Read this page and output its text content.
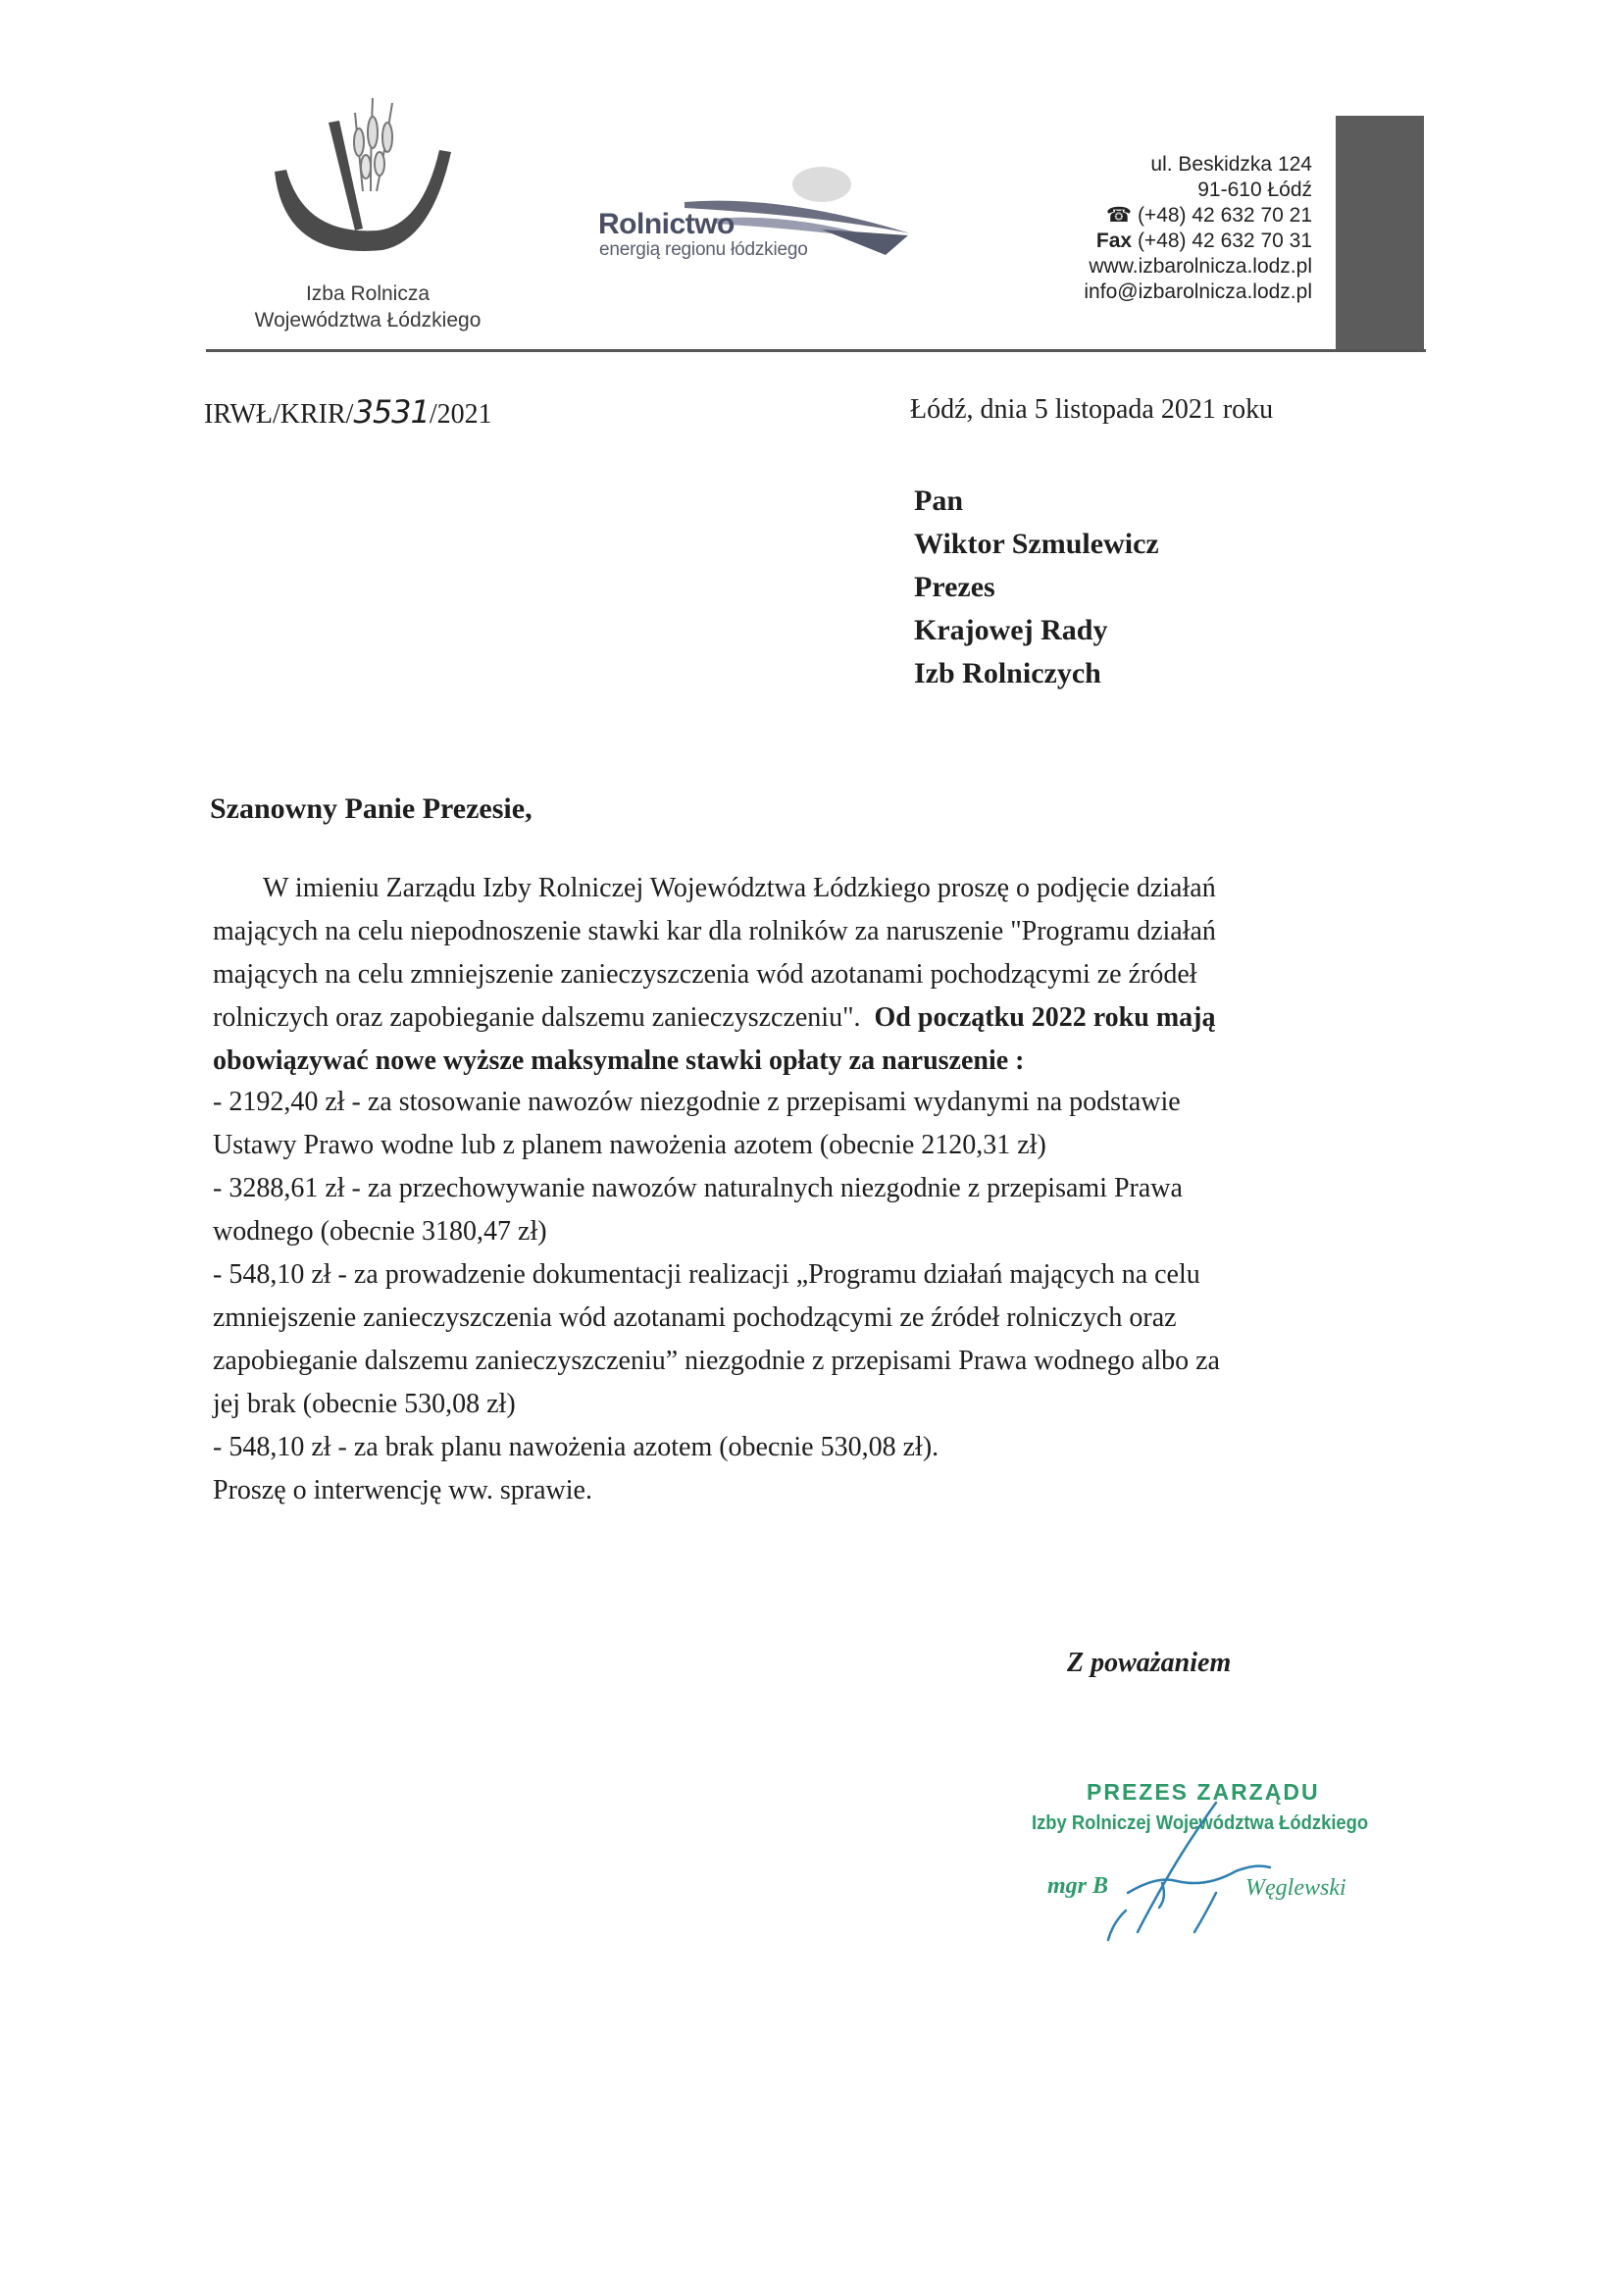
Izba Rolnicza
Województwa Łódzkiego
Rolnictwo
energią regionu łódzkiego
ul. Beskidzka 124
91-610 Łódź
☎ (+48) 42 632 70 21
Fax (+48) 42 632 70 31
www.izbarolnicza.lodz.pl
info@izbarolnicza.lodz.pl
IRWŁ/KRIR/3531/2021	Łódź, dnia 5 listopada 2021 roku
Pan
Wiktor Szmulewicz
Prezes
Krajowej Rady
Izb Rolniczych
Szanowny Panie Prezesie,
W imieniu Zarządu Izby Rolniczej Województwa Łódzkiego proszę o podjęcie działań
mających na celu niepodnoszenie stawki kar dla rolników za naruszenie "Programu działań
mających na celu zmniejszenie zanieczyszczenia wód azotanami pochodzącymi ze źródeł
rolniczych oraz zapobieganie dalszemu zanieczyszczeniu". Od początku 2022 roku mają
obowiązywać nowe wyższe maksymalne stawki opłaty za naruszenie :
- 2192,40 zł - za stosowanie nawozów niezgodnie z przepisami wydanymi na podstawie
Ustawy Prawo wodne lub z planem nawożenia azotem (obecnie 2120,31 zł)
- 3288,61 zł - za przechowywanie nawozów naturalnych niezgodnie z przepisami Prawa
wodnego (obecnie 3180,47 zł)
- 548,10 zł - za prowadzenie dokumentacji realizacji „Programu działań mających na celu
zmniejszenie zanieczyszczenia wód azotanami pochodzącymi ze źródeł rolniczych oraz
zapobieganie dalszemu zanieczyszczeniu” niezgodnie z przepisami Prawa wodnego albo za
jej brak (obecnie 530,08 zł)
- 548,10 zł - za brak planu nawożenia azotem (obecnie 530,08 zł).
Proszę o interwencję ww. sprawie.
Z poważaniem
PREZES ZARZĄDU
Izby Rolniczej Województwa Łódzkiego
mgr B	Węglewski
